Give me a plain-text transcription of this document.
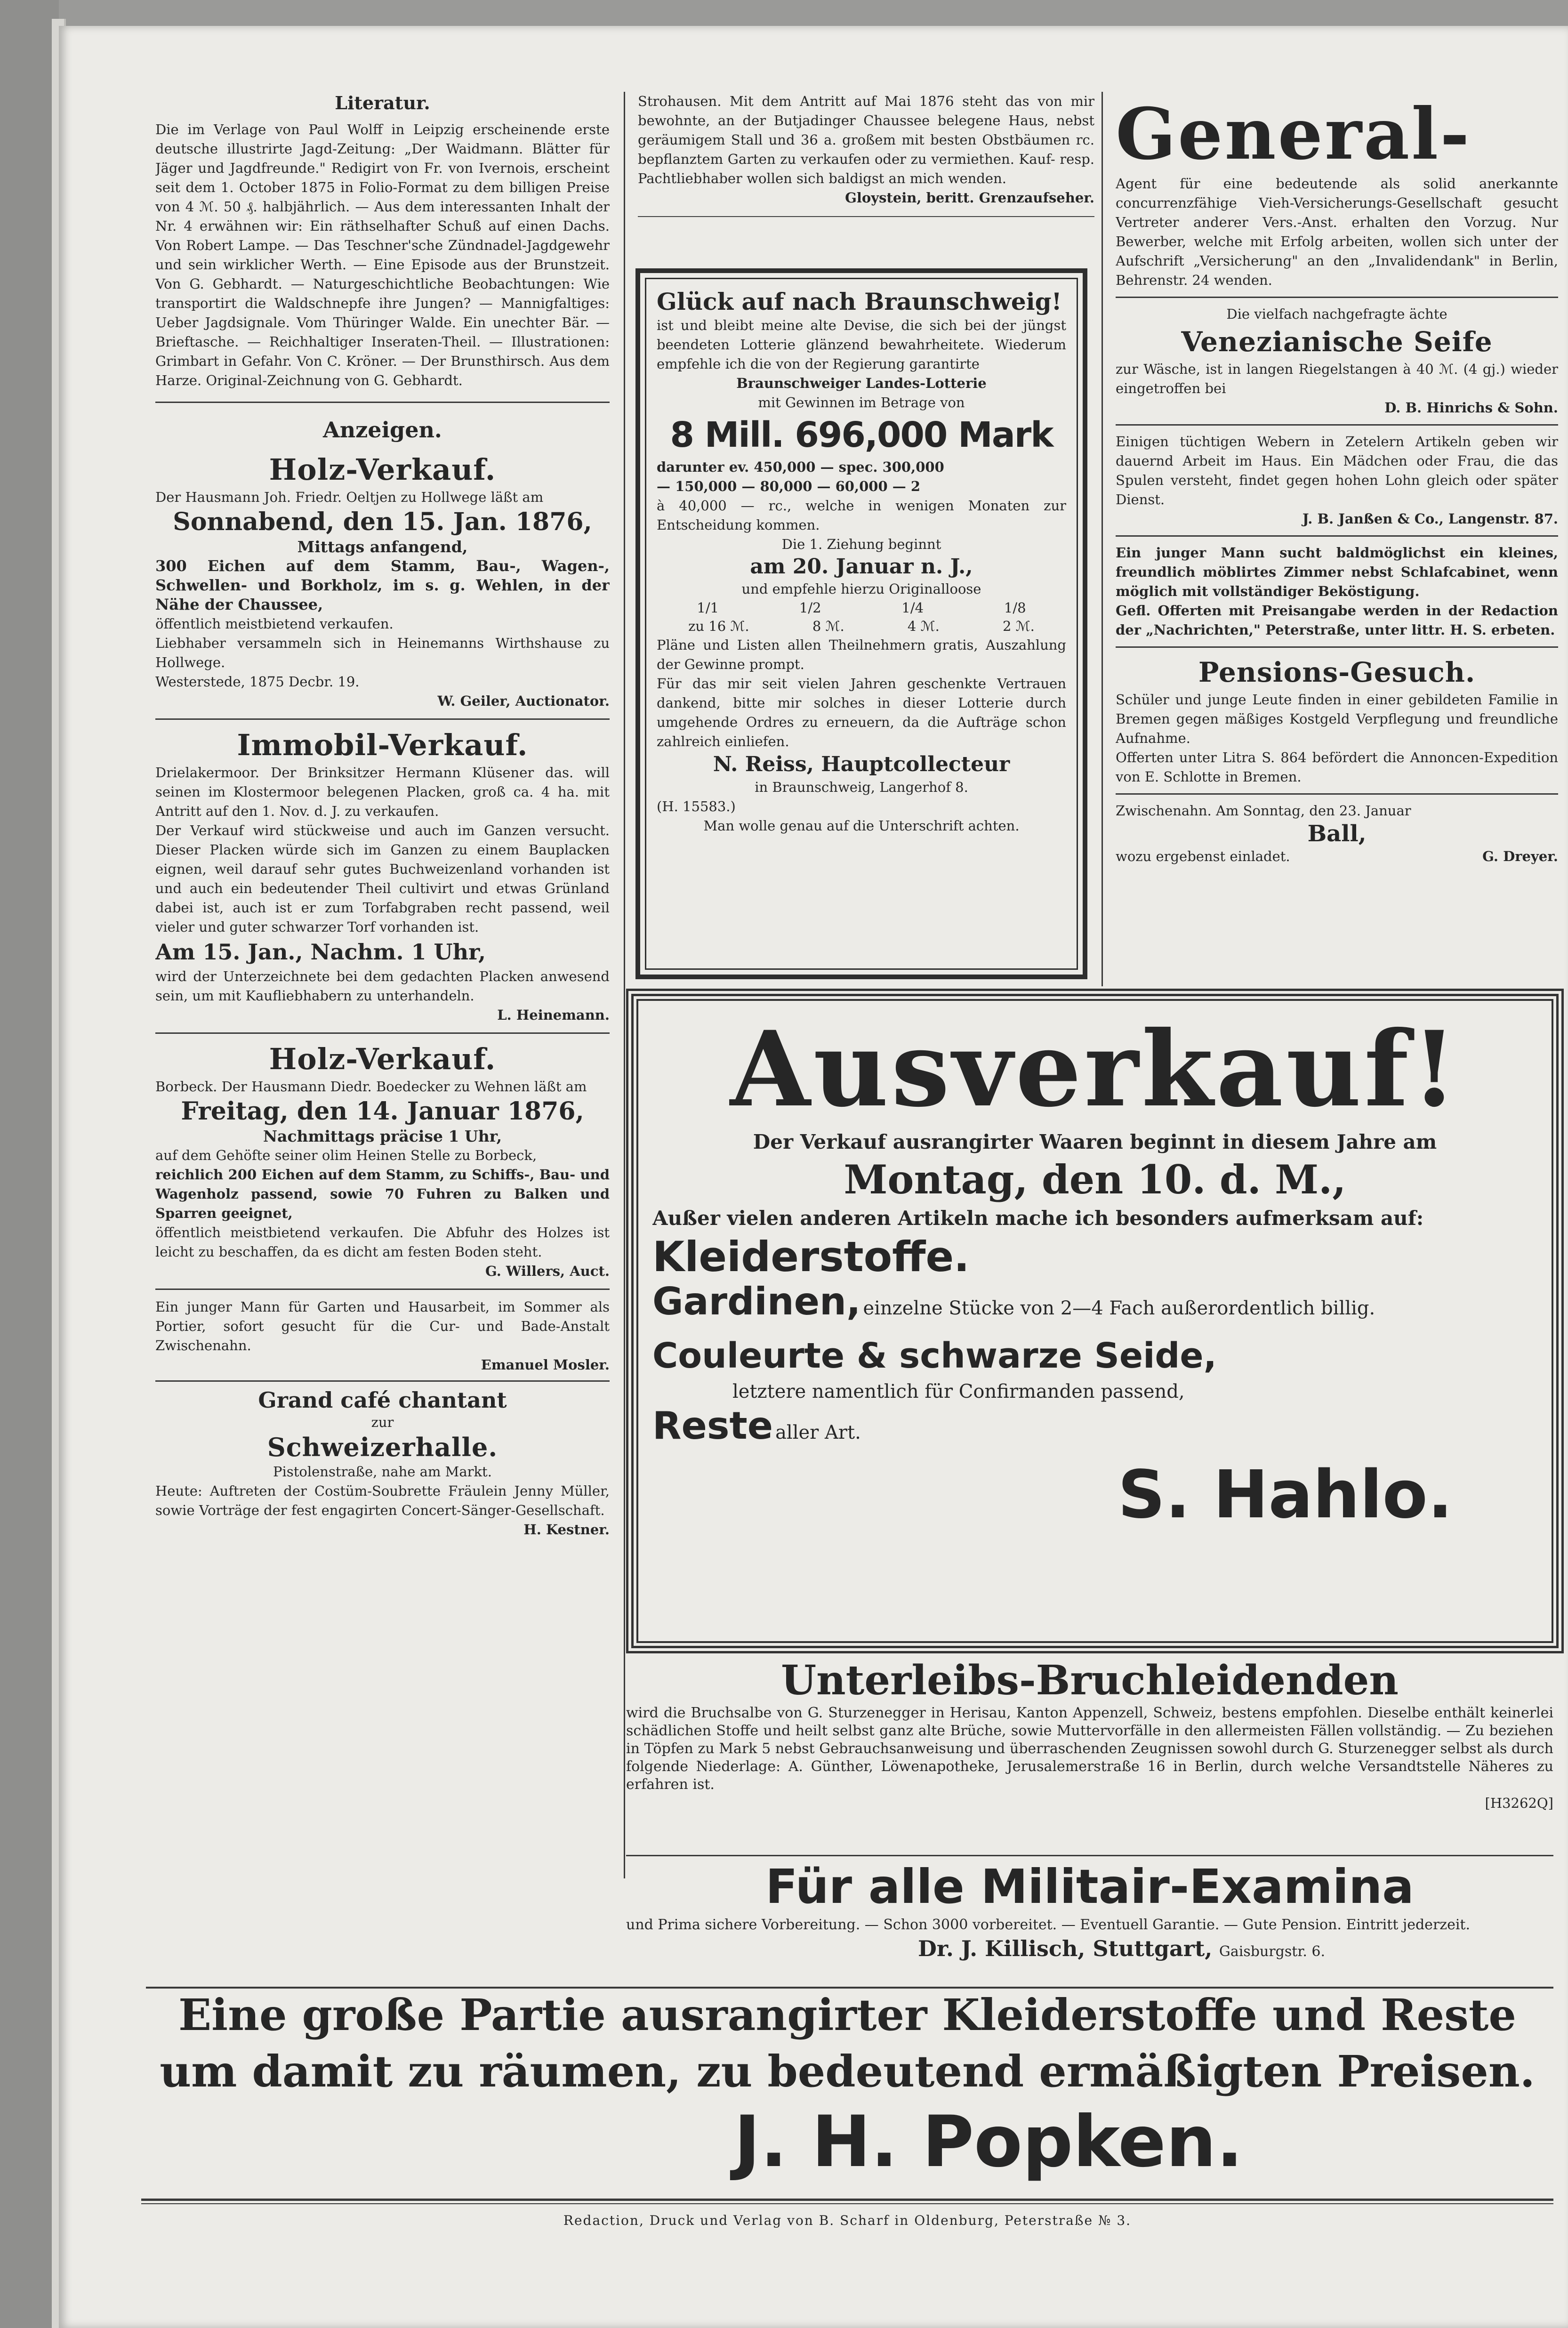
Literatur.

Die im Verlage von Paul Wolff in Leipzig erscheinende erste deutsche illustrirte Jagd-Zeitung: „Der Waidmann. Blätter für Jäger und Jagdfreunde." Redigirt von Fr. von Ivernois, erscheint seit dem 1. October 1875 in Folio-Format zu dem billigen Preise von 4 ℳ. 50 ₰. halbjährlich. — Aus dem interessanten Inhalt der Nr. 4 erwähnen wir: Ein räthselhafter Schuß auf einen Dachs. Von Robert Lampe. — Das Teschner'sche Zündnadel-Jagdgewehr und sein wirklicher Werth. — Eine Episode aus der Brunstzeit. Von G. Gebhardt. — Naturgeschichtliche Beobachtungen: Wie transportirt die Waldschnepfe ihre Jungen? — Mannigfaltiges: Ueber Jagdsignale. Vom Thüringer Walde. Ein unechter Bär. — Brieftasche. — Reichhaltiger Inseraten-Theil. — Illustrationen: Grimbart in Gefahr. Von C. Kröner. — Der Brunsthirsch. Aus dem Harze. Original-Zeichnung von G. Gebhardt.

Anzeigen.

Holz-Verkauf.

Der Hausmann Joh. Friedr. Oeltjen zu Hollwege läßt am

Sonnabend, den 15. Jan. 1876,

Mittags anfangend,

300 Eichen auf dem Stamm, Bau-, Wagen-, Schwellen- und Borkholz, im s. g. Wehlen, in der Nähe der Chaussee,

öffentlich meistbietend verkaufen.

Liebhaber versammeln sich in Heinemanns Wirthshause zu Hollwege.

Westerstede, 1875 Decbr. 19.

W. Geiler, Auctionator.

Immobil-Verkauf.

Drielakermoor. Der Brinksitzer Hermann Klüsener das. will seinen im Klostermoor belegenen Placken, groß ca. 4 ha. mit Antritt auf den 1. Nov. d. J. zu verkaufen.

Der Verkauf wird stückweise und auch im Ganzen versucht. Dieser Placken würde sich im Ganzen zu einem Bauplacken eignen, weil darauf sehr gutes Buchweizenland vorhanden ist und auch ein bedeutender Theil cultivirt und etwas Grünland dabei ist, auch ist er zum Torfabgraben recht passend, weil vieler und guter schwarzer Torf vorhanden ist.

Am 15. Jan., Nachm. 1 Uhr,

wird der Unterzeichnete bei dem gedachten Placken anwesend sein, um mit Kaufliebhabern zu unterhandeln.

L. Heinemann.

Holz-Verkauf.

Borbeck. Der Hausmann Diedr. Boedecker zu Wehnen läßt am

Freitag, den 14. Januar 1876,

Nachmittags präcise 1 Uhr,

auf dem Gehöfte seiner olim Heinen Stelle zu Borbeck,

reichlich 200 Eichen auf dem Stamm, zu Schiffs-, Bau- und Wagenholz passend, sowie 70 Fuhren zu Balken und Sparren geeignet,

öffentlich meistbietend verkaufen. Die Abfuhr des Holzes ist leicht zu beschaffen, da es dicht am festen Boden steht.

G. Willers, Auct.

Ein junger Mann für Garten und Hausarbeit, im Sommer als Portier, sofort gesucht für die Cur- und Bade-Anstalt Zwischenahn.

Emanuel Mosler.

Grand café chantant

zur

Schweizerhalle.

Pistolenstraße, nahe am Markt.

Heute: Auftreten der Costüm-Soubrette Fräulein Jenny Müller, sowie Vorträge der fest engagirten Concert-Sänger-Gesellschaft.

H. Kestner.

Strohausen. Mit dem Antritt auf Mai 1876 steht das von mir bewohnte, an der Butjadinger Chaussee belegene Haus, nebst geräumigem Stall und 36 a. großem mit besten Obstbäumen rc. bepflanztem Garten zu verkaufen oder zu vermiethen. Kauf- resp. Pachtliebhaber wollen sich baldigst an mich wenden.

Gloystein, beritt. Grenzaufseher.

Glück auf nach Braunschweig!

ist und bleibt meine alte Devise, die sich bei der jüngst beendeten Lotterie glänzend bewahrheitete. Wiederum empfehle ich die von der Regierung garantirte

Braunschweiger Landes-Lotterie

mit Gewinnen im Betrage von

8 Mill. 696,000 Mark

darunter ev. 450,000 — spec. 300,000

— 150,000 — 80,000 — 60,000 — 2

à 40,000 — rc., welche in wenigen Monaten zur Entscheidung kommen.

Die 1. Ziehung beginnt

am 20. Januar n. J.,

und empfehle hierzu Originalloose

1/1	1/2	1/4	1/8
zu 16 ℳ.	8 ℳ.	4 ℳ.	2 ℳ.

Pläne und Listen allen Theilnehmern gratis, Auszahlung der Gewinne prompt.

Für das mir seit vielen Jahren geschenkte Vertrauen dankend, bitte mir solches in dieser Lotterie durch umgehende Ordres zu erneuern, da die Aufträge schon zahlreich einliefen.

N. Reiss, Hauptcollecteur

in Braunschweig, Langerhof 8.

(H. 15583.)

Man wolle genau auf die Unterschrift achten.

General-

Agent für eine bedeutende als solid anerkannte concurrenzfähige Vieh-Versicherungs-Gesellschaft gesucht Vertreter anderer Vers.-Anst. erhalten den Vorzug. Nur Bewerber, welche mit Erfolg arbeiten, wollen sich unter der Aufschrift „Versicherung" an den „Invalidendank" in Berlin, Behrenstr. 24 wenden.

Die vielfach nachgefragte ächte

Venezianische Seife

zur Wäsche, ist in langen Riegelstangen à 40 ℳ. (4 gj.) wieder eingetroffen bei

D. B. Hinrichs & Sohn.

Einigen tüchtigen Webern in Zetelern Artikeln geben wir dauernd Arbeit im Haus. Ein Mädchen oder Frau, die das Spulen versteht, findet gegen hohen Lohn gleich oder später Dienst.

J. B. Janßen & Co., Langenstr. 87.

Ein junger Mann sucht baldmöglichst ein kleines, freundlich möblirtes Zimmer nebst Schlafcabinet, wenn möglich mit vollständiger Beköstigung.

Gefl. Offerten mit Preisangabe werden in der Redaction der „Nachrichten," Peterstraße, unter littr. H. S. erbeten.

Pensions-Gesuch.

Schüler und junge Leute finden in einer gebildeten Familie in Bremen gegen mäßiges Kostgeld Verpflegung und freundliche Aufnahme.

Offerten unter Litra S. 864 befördert die Annoncen-Expedition von E. Schlotte in Bremen.

Zwischenahn. Am Sonntag, den 23. Januar

Ball,

wozu ergebenst einladet.	G. Dreyer.

Ausverkauf!

Der Verkauf ausrangirter Waaren beginnt in diesem Jahre am

Montag, den 10. d. M.,

Außer vielen anderen Artikeln mache ich besonders aufmerksam auf:

Kleiderstoffe.

Gardinen, einzelne Stücke von 2—4 Fach außerordentlich billig.

Couleurte & schwarze Seide,

letztere namentlich für Confirmanden passend,

Reste aller Art.

S. Hahlo.

Unterleibs-Bruchleidenden

wird die Bruchsalbe von G. Sturzenegger in Herisau, Kanton Appenzell, Schweiz, bestens empfohlen. Dieselbe enthält keinerlei schädlichen Stoffe und heilt selbst ganz alte Brüche, sowie Muttervorfälle in den allermeisten Fällen vollständig. — Zu beziehen in Töpfen zu Mark 5 nebst Gebrauchsanweisung und überraschenden Zeugnissen sowohl durch G. Sturzenegger selbst als durch folgende Niederlage: A. Günther, Löwenapotheke, Jerusalemerstraße 16 in Berlin, durch welche Versandtstelle Näheres zu erfahren ist.

[H3262Q]

Für alle Militair-Examina

und Prima sichere Vorbereitung. — Schon 3000 vorbereitet. — Eventuell Garantie. — Gute Pension. Eintritt jederzeit.

Dr. J. Killisch, Stuttgart, Gaisburgstr. 6.

Eine große Partie ausrangirter Kleiderstoffe und Reste

um damit zu räumen, zu bedeutend ermäßigten Preisen.

J. H. Popken.

Redaction, Druck und Verlag von B. Scharf in Oldenburg, Peterstraße № 3.
